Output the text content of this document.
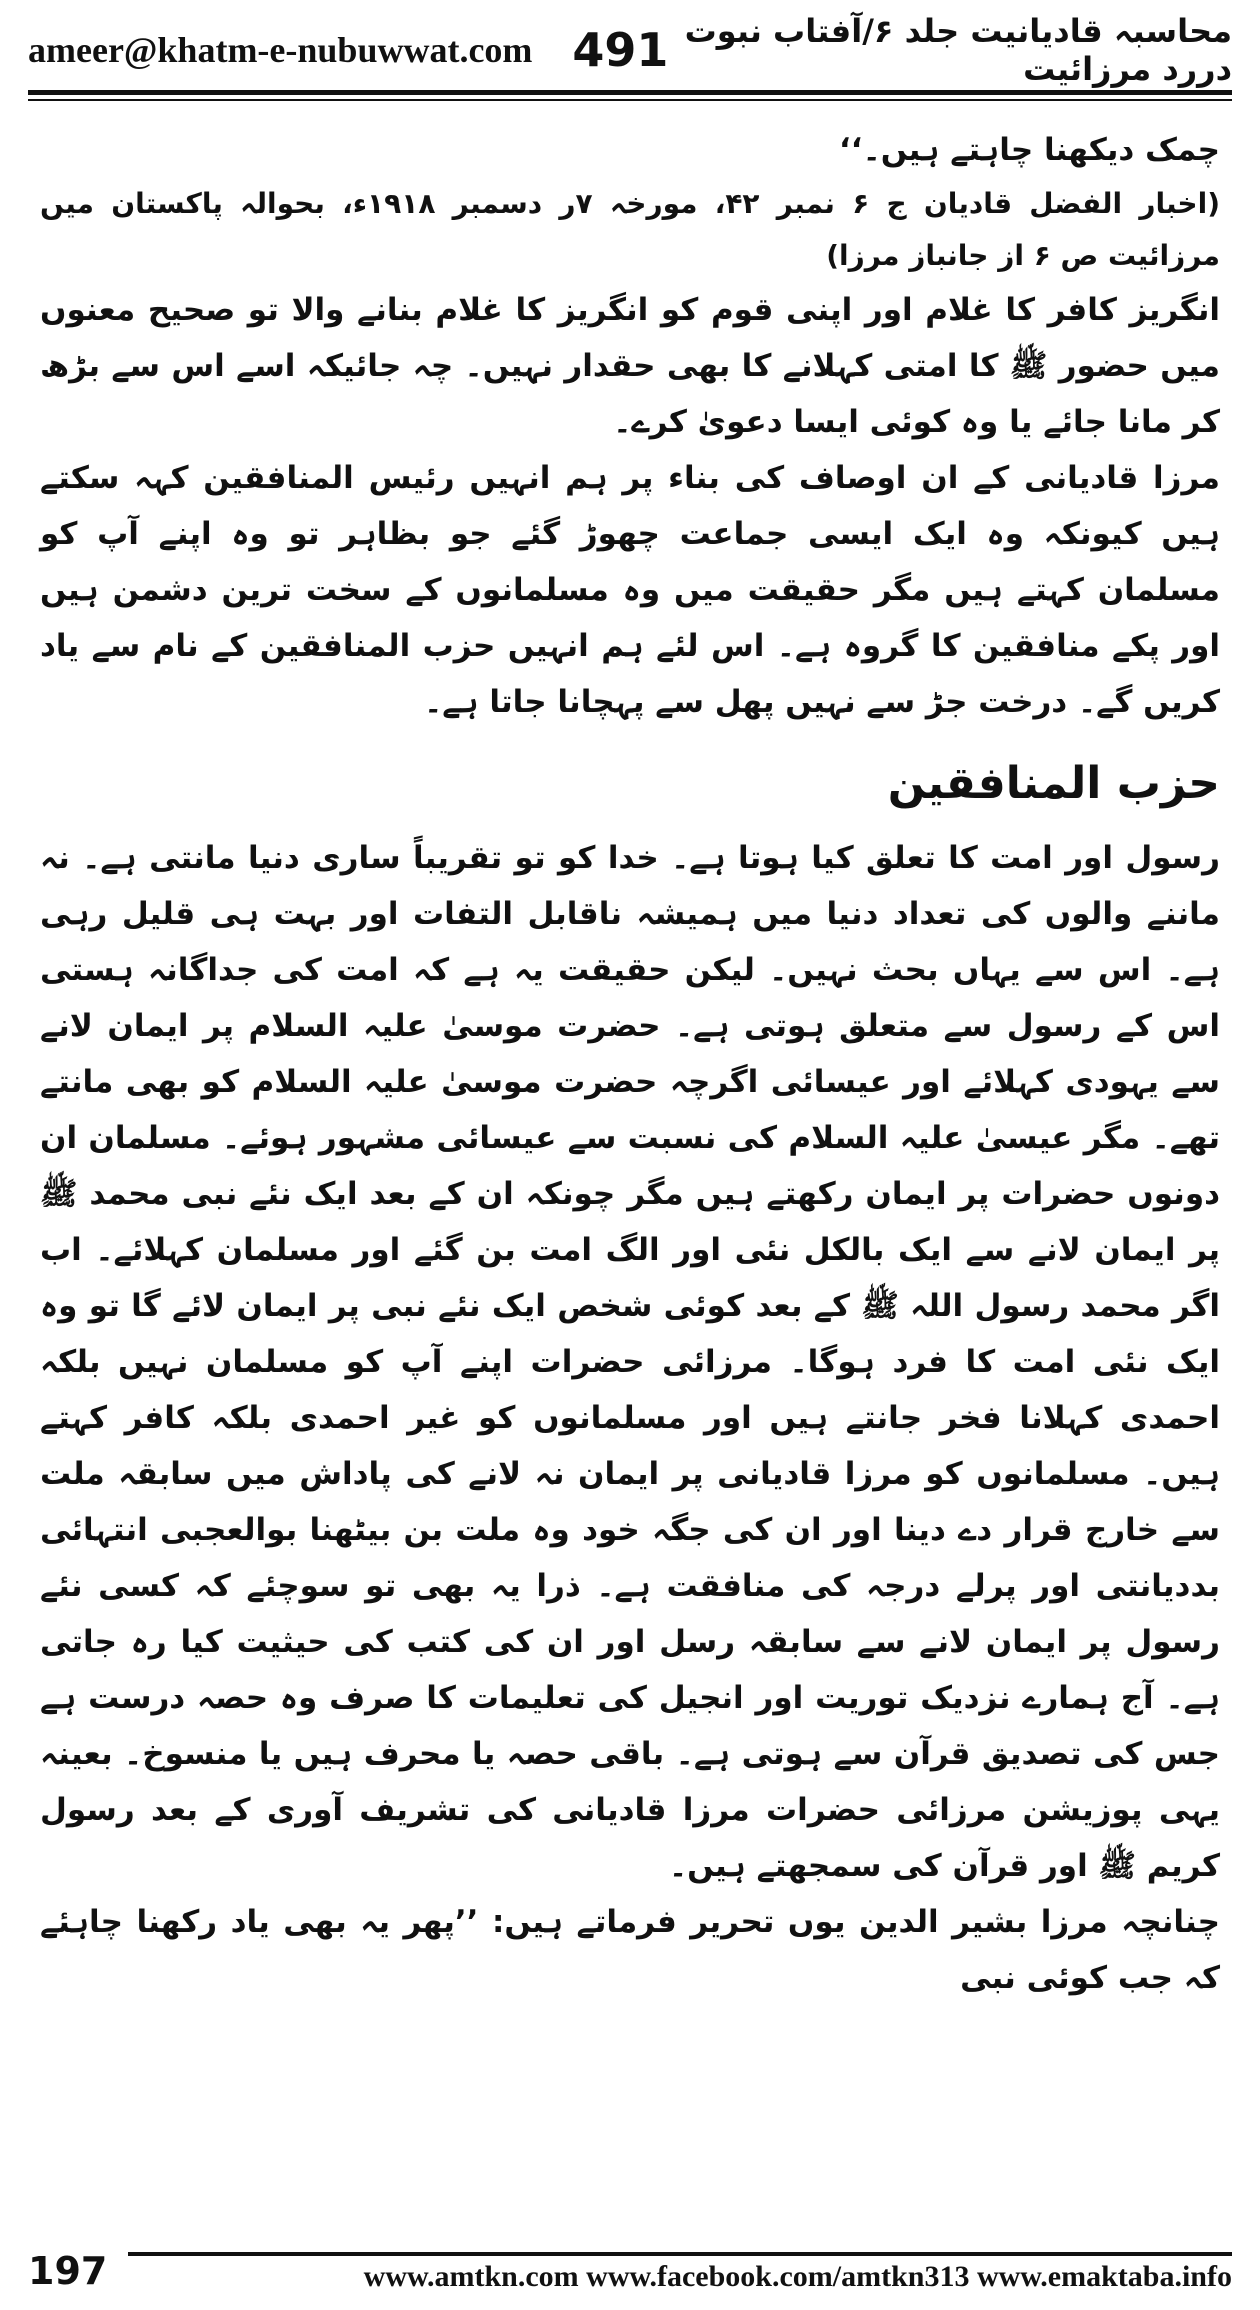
ameer@khatm-e-nubuwwat.com 491 محاسبہ قادیانیت جلد ۶/آفتاب نبوت دررد مرزائیت

چمک دیکھنا چاہتے ہیں۔‘‘

(اخبار الفضل قادیان ج ۶ نمبر ۴۲، مورخہ ۷ر دسمبر ۱۹۱۸ء، بحوالہ پاکستان میں مرزائیت ص ۶ از جانباز مرزا)

انگریز کافر کا غلام اور اپنی قوم کو انگریز کا غلام بنانے والا تو صحیح معنوں میں حضور ﷺ کا امتی کہلانے کا بھی حقدار نہیں۔ چہ جائیکہ اسے اس سے بڑھ کر مانا جائے یا وہ کوئی ایسا دعویٰ کرے۔

مرزا قادیانی کے ان اوصاف کی بناء پر ہم انہیں رئیس المنافقین کہہ سکتے ہیں کیونکہ وہ ایک ایسی جماعت چھوڑ گئے جو بظاہر تو وہ اپنے آپ کو مسلمان کہتے ہیں مگر حقیقت میں وہ مسلمانوں کے سخت ترین دشمن ہیں اور پکے منافقین کا گروہ ہے۔ اس لئے ہم انہیں حزب المنافقین کے نام سے یاد کریں گے۔ درخت جڑ سے نہیں پھل سے پہچانا جاتا ہے۔

حزب المنافقین

رسول اور امت کا تعلق کیا ہوتا ہے۔ خدا کو تو تقریباً ساری دنیا مانتی ہے۔ نہ ماننے والوں کی تعداد دنیا میں ہمیشہ ناقابل التفات اور بہت ہی قلیل رہی ہے۔ اس سے یہاں بحث نہیں۔ لیکن حقیقت یہ ہے کہ امت کی جداگانہ ہستی اس کے رسول سے متعلق ہوتی ہے۔ حضرت موسیٰ علیہ السلام پر ایمان لانے سے یہودی کہلائے اور عیسائی اگرچہ حضرت موسیٰ علیہ السلام کو بھی مانتے تھے۔ مگر عیسیٰ علیہ السلام کی نسبت سے عیسائی مشہور ہوئے۔ مسلمان ان دونوں حضرات پر ایمان رکھتے ہیں مگر چونکہ ان کے بعد ایک نئے نبی محمد ﷺ پر ایمان لانے سے ایک بالکل نئی اور الگ امت بن گئے اور مسلمان کہلائے۔ اب اگر محمد رسول اللہ ﷺ کے بعد کوئی شخص ایک نئے نبی پر ایمان لائے گا تو وہ ایک نئی امت کا فرد ہوگا۔ مرزائی حضرات اپنے آپ کو مسلمان نہیں بلکہ احمدی کہلانا فخر جانتے ہیں اور مسلمانوں کو غیر احمدی بلکہ کافر کہتے ہیں۔ مسلمانوں کو مرزا قادیانی پر ایمان نہ لانے کی پاداش میں سابقہ ملت سے خارج قرار دے دینا اور ان کی جگہ خود وہ ملت بن بیٹھنا بوالعجبی انتہائی بددیانتی اور پرلے درجہ کی منافقت ہے۔ ذرا یہ بھی تو سوچئے کہ کسی نئے رسول پر ایمان لانے سے سابقہ رسل اور ان کی کتب کی حیثیت کیا رہ جاتی ہے۔ آج ہمارے نزدیک توریت اور انجیل کی تعلیمات کا صرف وہ حصہ درست ہے جس کی تصدیق قرآن سے ہوتی ہے۔ باقی حصہ یا محرف ہیں یا منسوخ۔ بعینہ یہی پوزیشن مرزائی حضرات مرزا قادیانی کی تشریف آوری کے بعد رسول کریم ﷺ اور قرآن کی سمجھتے ہیں۔

چنانچہ مرزا بشیر الدین یوں تحریر فرماتے ہیں: ’’پھر یہ بھی یاد رکھنا چاہئے کہ جب کوئی نبی

197	www.amtkn.com www.facebook.com/amtkn313 www.emaktaba.info
